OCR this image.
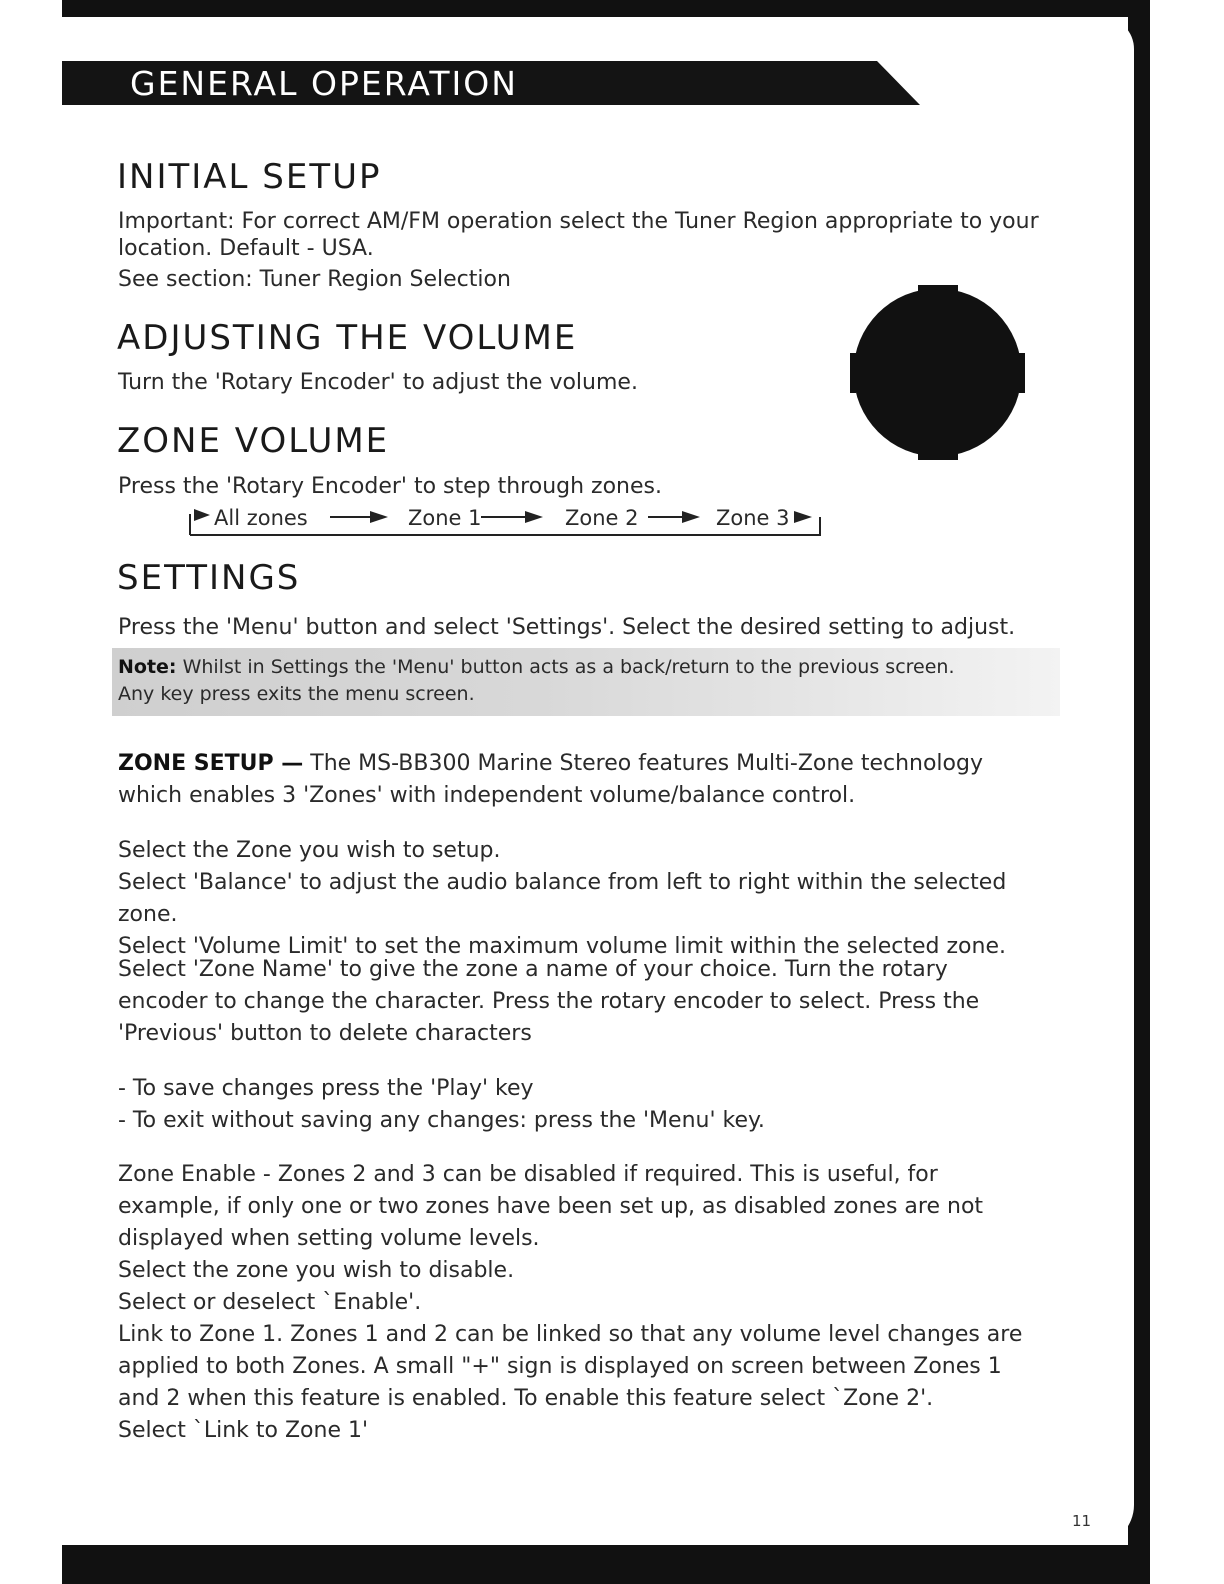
GENERAL OPERATION
INITIAL SETUP

Important: For correct AM/FM operation select the Tuner Region appropriate to your

location. Default - USA.

See section: Tuner Region Selection

ADJUSTING THE VOLUME

Turn the 'Rotary Encoder' to adjust the volume.

ZONE VOLUME

Press the 'Rotary Encoder' to step through zones.

All zones	Zone 1	Zone 2	Zone 3
SETTINGS

Press the 'Menu' button and select 'Settings'. Select the desired setting to adjust.

Note: Whilst in Settings the 'Menu' button acts as a back/return to the previous screen.
Any key press exits the menu screen.

ZONE SETUP — The MS-BB300 Marine Stereo features Multi-Zone technology
which enables 3 'Zones' with independent volume/balance control.

Select the Zone you wish to setup.
Select 'Balance' to adjust the audio balance from left to right within the selected zone.
Select 'Volume Limit' to set the maximum volume limit within the selected zone.

Select 'Zone Name' to give the zone a name of your choice. Turn the rotary
encoder to change the character. Press the rotary encoder to select. Press the
'Previous' button to delete characters

- To save changes press the 'Play' key
- To exit without saving any changes: press the 'Menu' key.

Zone Enable - Zones 2 and 3 can be disabled if required. This is useful, for
example, if only one or two zones have been set up, as disabled zones are not
displayed when setting volume levels.
Select the zone you wish to disable.
Select or deselect `Enable'.
Link to Zone 1. Zones 1 and 2 can be linked so that any volume level changes are
applied to both Zones. A small "+" sign is displayed on screen between Zones 1
and 2 when this feature is enabled. To enable this feature select `Zone 2'.
Select `Link to Zone 1'

11
